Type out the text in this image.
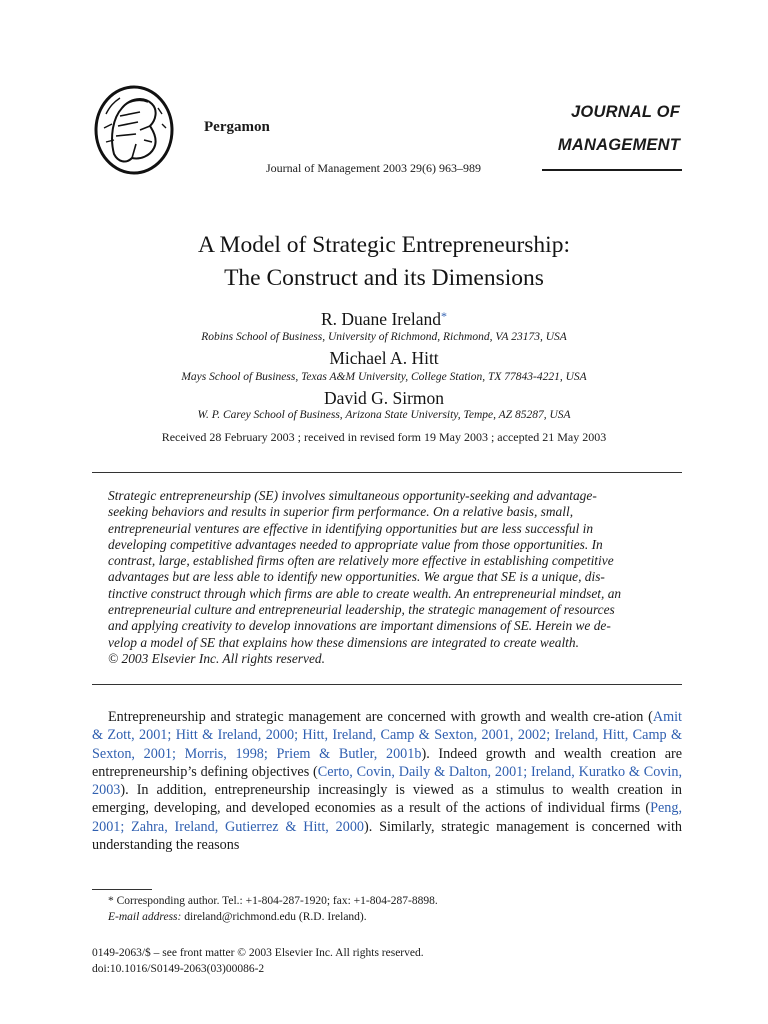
Pergamon
Journal of Management 2003 29(6) 963–989
JOURNAL OF
MANAGEMENT
A Model of Strategic Entrepreneurship:
The Construct and its Dimensions
R. Duane Ireland*
Robins School of Business, University of Richmond, Richmond, VA 23173, USA
Michael A. Hitt
Mays School of Business, Texas A&M University, College Station, TX 77843-4221, USA
David G. Sirmon
W. P. Carey School of Business, Arizona State University, Tempe, AZ 85287, USA
Received 28 February 2003 ; received in revised form 19 May 2003 ; accepted 21 May 2003

Strategic entrepreneurship (SE) involves simultaneous opportunity-seeking and advantage-

seeking behaviors and results in superior firm performance. On a relative basis, small,

entrepreneurial ventures are effective in identifying opportunities but are less successful in

developing competitive advantages needed to appropriate value from those opportunities. In

contrast, large, established firms often are relatively more effective in establishing competitive

advantages but are less able to identify new opportunities. We argue that SE is a unique, dis-

tinctive construct through which firms are able to create wealth. An entrepreneurial mindset, an

entrepreneurial culture and entrepreneurial leadership, the strategic management of resources

and applying creativity to develop innovations are important dimensions of SE. Herein we de-

velop a model of SE that explains how these dimensions are integrated to create wealth.

© 2003 Elsevier Inc. All rights reserved.

Entrepreneurship and strategic management are concerned with growth and wealth cre-ation (Amit & Zott, 2001; Hitt & Ireland, 2000; Hitt, Ireland, Camp & Sexton, 2001, 2002; Ireland, Hitt, Camp & Sexton, 2001; Morris, 1998; Priem & Butler, 2001b). Indeed growth and wealth creation are entrepreneurship’s defining objectives (Certo, Covin, Daily & Dalton, 2001; Ireland, Kuratko & Covin, 2003). In addition, entrepreneurship increasingly is viewed as a stimulus to wealth creation in emerging, developing, and developed economies as a result of the actions of individual firms (Peng, 2001; Zahra, Ireland, Gutierrez & Hitt, 2000). Similarly, strategic management is concerned with understanding the reasons

* Corresponding author. Tel.: +1-804-287-1920; fax: +1-804-287-8898.
E-mail address: direland@richmond.edu (R.D. Ireland).
0149-2063/$ – see front matter © 2003 Elsevier Inc. All rights reserved.
doi:10.1016/S0149-2063(03)00086-2
